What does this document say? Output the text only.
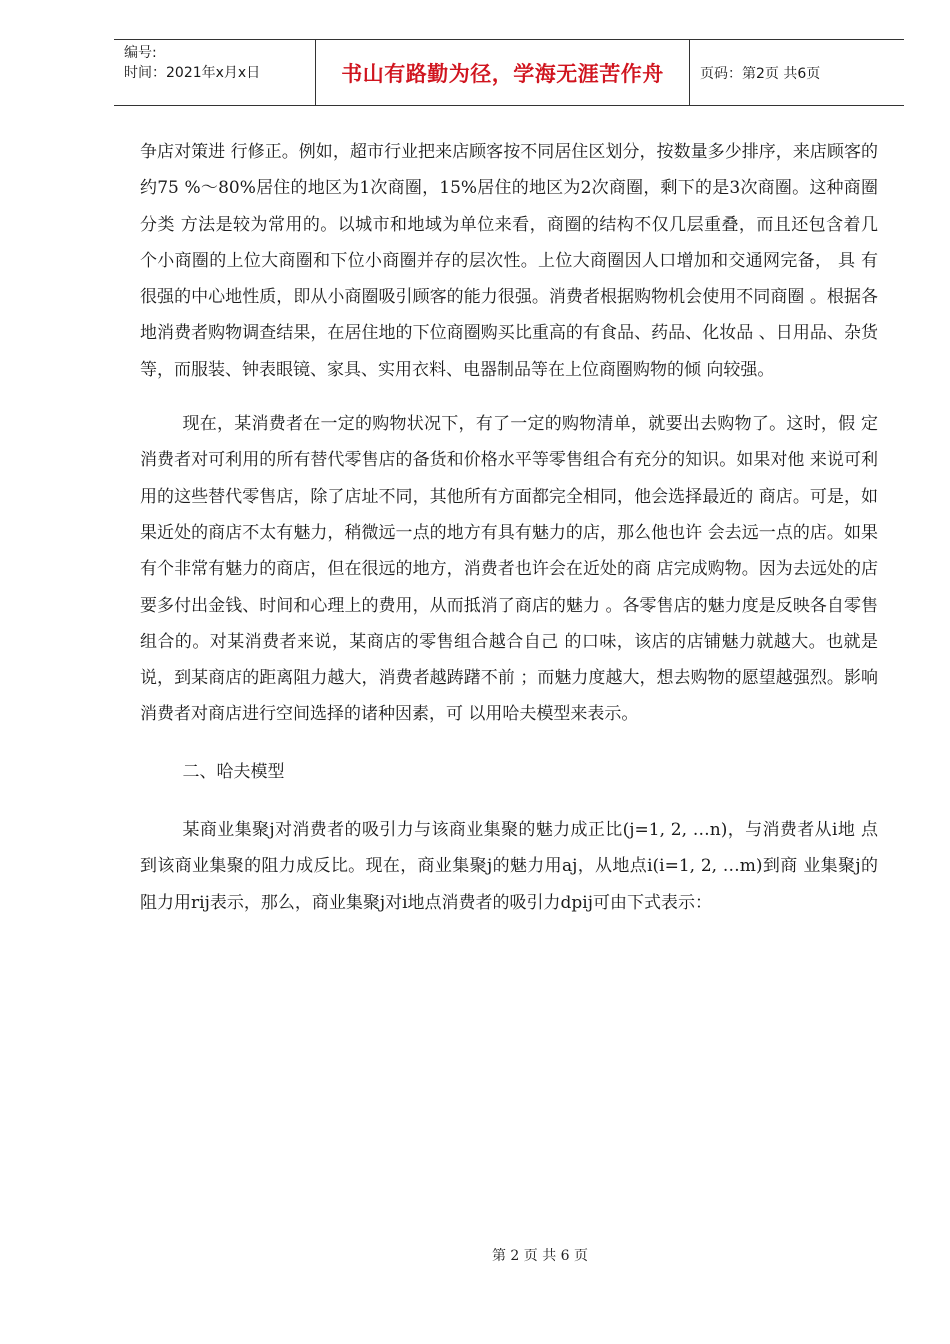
编号:
时间：2021年x月x日	书山有路勤为径，学海无涯苦作舟	页码：第2页 共6页

争店对策进 行修正。例如，超市行业把来店顾客按不同居住区划分，按数量多少排序，来店顾客的约75 %～80%居住的地区为1次商圈，15%居住的地区为2次商圈，剩下的是3次商圈。这种商圈分类 方法是较为常用的。以城市和地域为单位来看，商圈的结构不仅几层重叠，而且还包含着几 个小商圈的上位大商圈和下位小商圈并存的层次性。上位大商圈因人口增加和交通网完备， 具 有很强的中心地性质，即从小商圈吸引顾客的能力很强。消费者根据购物机会使用不同商圈 。根据各地消费者购物调查结果，在居住地的下位商圈购买比重高的有食品、药品、化妆品 、日用品、杂货等，而服装、钟表眼镜、家具、实用衣料、电器制品等在上位商圈购物的倾 向较强。

现在，某消费者在一定的购物状况下，有了一定的购物清单，就要出去购物了。这时，假 定消费者对可利用的所有替代零售店的备货和价格水平等零售组合有充分的知识。如果对他 来说可利用的这些替代零售店，除了店址不同，其他所有方面都完全相同，他会选择最近的 商店。可是，如果近处的商店不太有魅力，稍微远一点的地方有具有魅力的店，那么他也许 会去远一点的店。如果有个非常有魅力的商店，但在很远的地方，消费者也许会在近处的商 店完成购物。因为去远处的店要多付出金钱、时间和心理上的费用，从而抵消了商店的魅力 。各零售店的魅力度是反映各自零售组合的。对某消费者来说，某商店的零售组合越合自己 的口味，该店的店铺魅力就越大。也就是说，到某商店的距离阻力越大，消费者越踌躇不前 ；而魅力度越大，想去购物的愿望越强烈。影响消费者对商店进行空间选择的诸种因素，可 以用哈夫模型来表示。

二、哈夫模型

某商业集聚j对消费者的吸引力与该商业集聚的魅力成正比(j=1, 2, …n)，与消费者从i地 点到该商业集聚的阻力成反比。现在，商业集聚j的魅力用aj，从地点i(i=1, 2, …m)到商 业集聚j的阻力用rij表示，那么，商业集聚j对i地点消费者的吸引力dpij可由下式表示：

第 2 页 共 6 页
